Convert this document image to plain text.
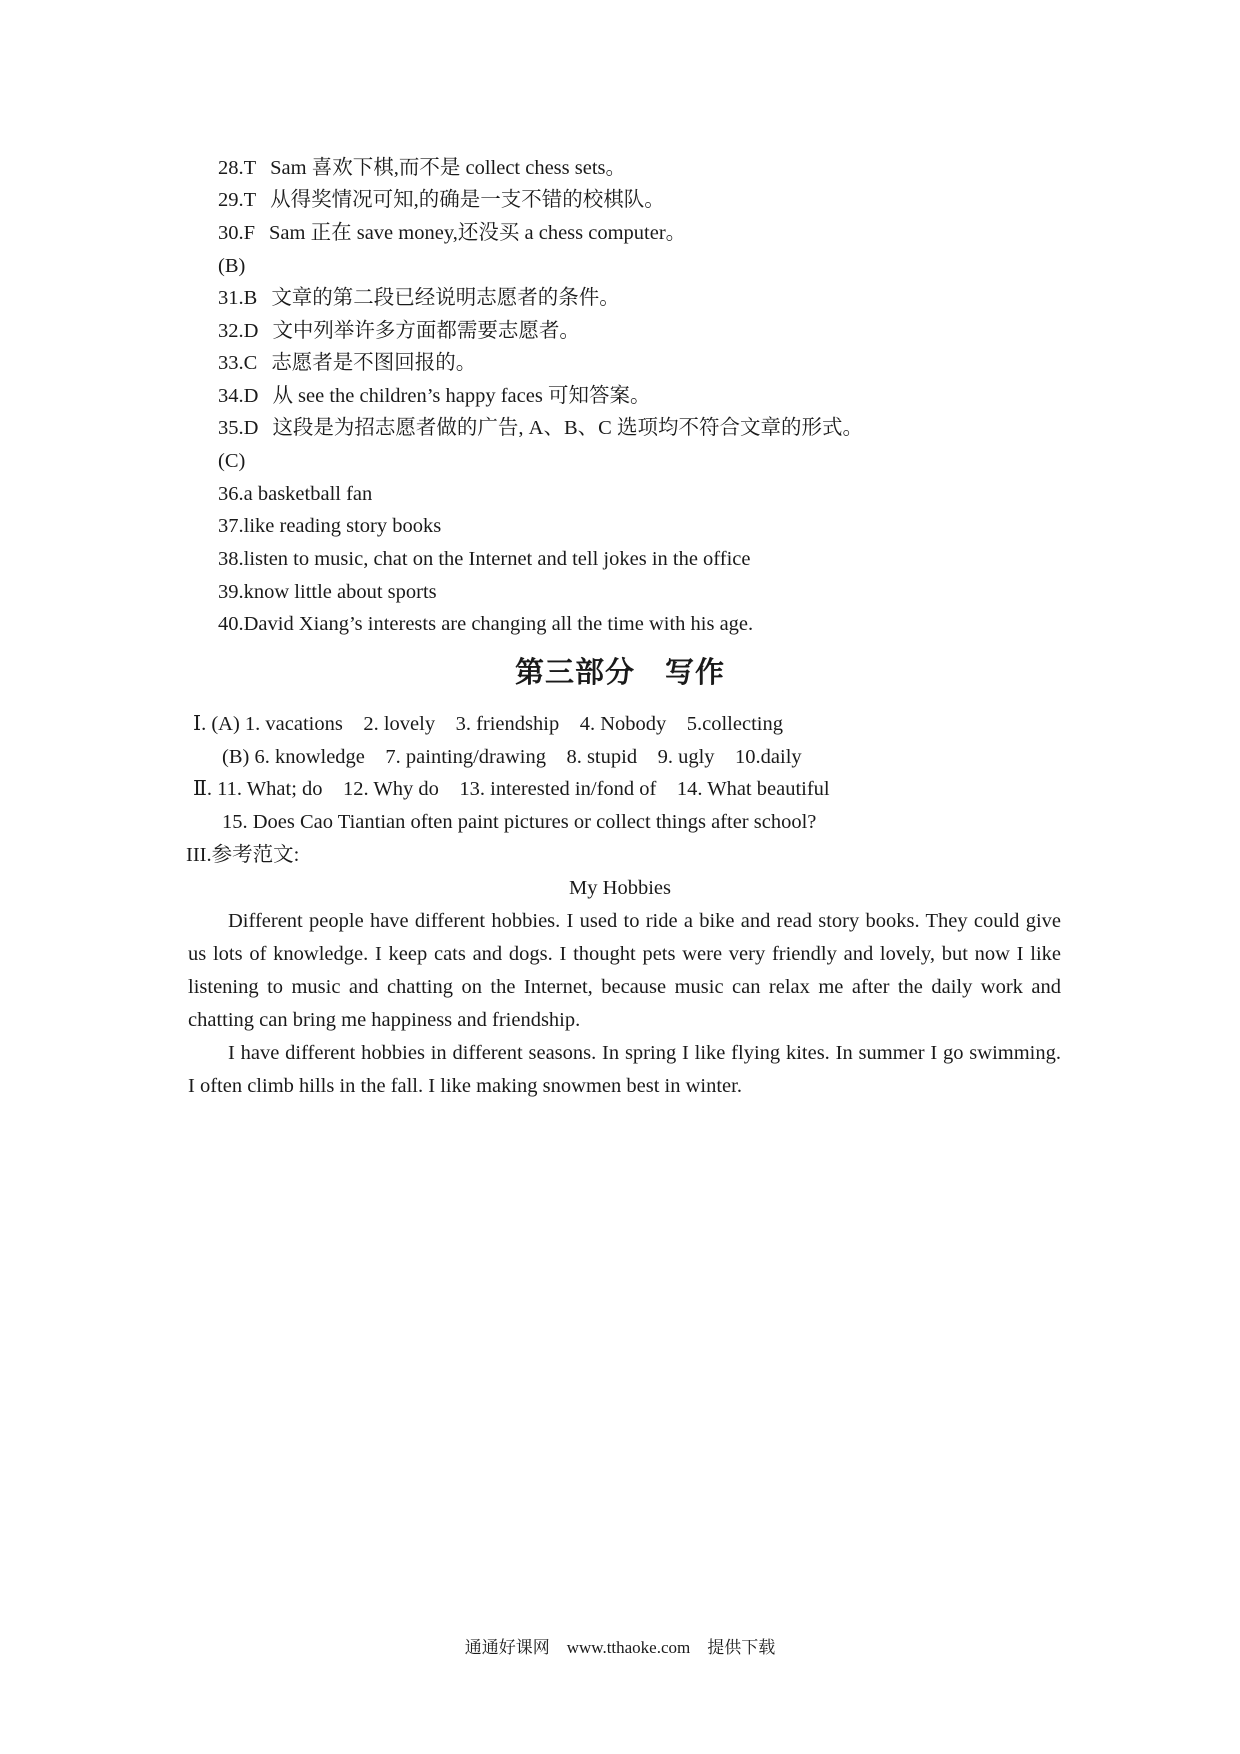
28.T Sam 喜欢下棋,而不是 collect chess sets。
29.T 从得奖情况可知,的确是一支不错的校棋队。
30.F Sam 正在 save money,还没买 a chess computer。
(B)
31.B 文章的第二段已经说明志愿者的条件。
32.D 文中列举许多方面都需要志愿者。
33.C 志愿者是不图回报的。
34.D 从 see the children’s happy faces 可知答案。
35.D 这段是为招志愿者做的广告, A、B、C 选项均不符合文章的形式。
(C)
36.a basketball fan
37.like reading story books
38.listen to music, chat on the Internet and tell jokes in the office
39.know little about sports
40.David Xiang’s interests are changing all the time with his age.
第三部分　写作
Ⅰ. (A) 1. vacations　2. lovely　3. friendship　4. Nobody　5.collecting
(B) 6. knowledge　7. painting/drawing　8. stupid　9. ugly　10.daily
Ⅱ. 11. What; do　12. Why do　13. interested in/fond of　14. What beautiful
15. Does Cao Tiantian often paint pictures or collect things after school?
III.参考范文:
My Hobbies
Different people have different hobbies. I used to ride a bike and read story books. They could give us lots of knowledge. I keep cats and dogs. I thought pets were very friendly and lovely, but now I like listening to music and chatting on the Internet, because music can relax me after the daily work and chatting can bring me happiness and friendship.
I have different hobbies in different seasons. In spring I like flying kites. In summer I go swimming. I often climb hills in the fall. I like making snowmen best in winter.
通通好课网　www.tthaoke.com　提供下载
